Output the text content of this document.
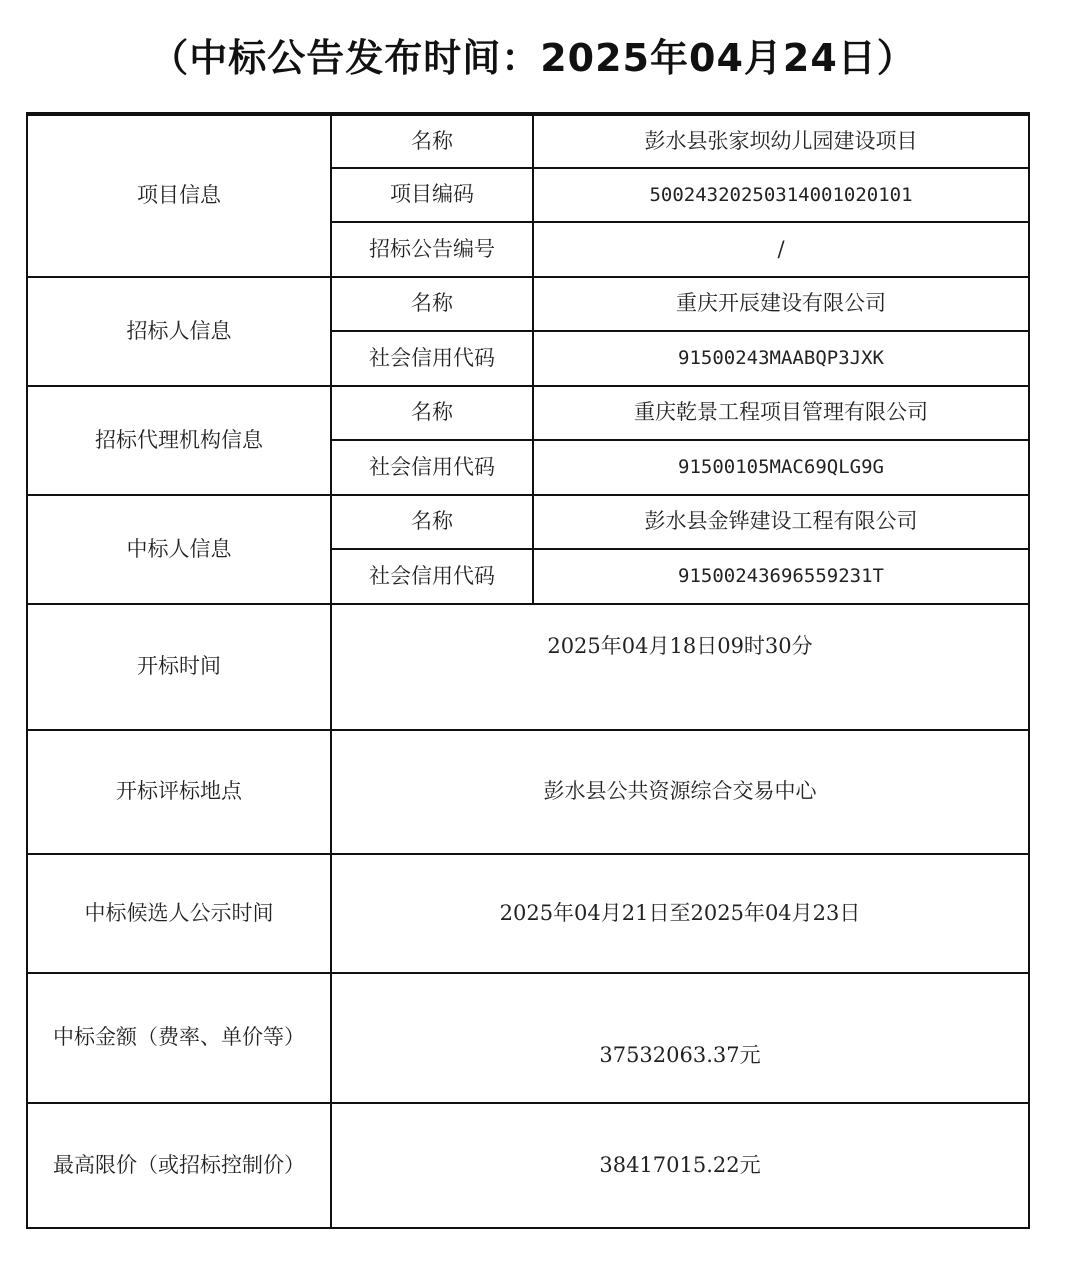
（中标公告发布时间：2025年04月24日）
项目信息	名称	彭水县张家坝幼儿园建设项目
	项目编码	500243202503140010201​01
	招标公告编号	/
招标人信息	名称	重庆开辰建设有限公司
	社会信用代码	91500243MAABQP3JXK
招标代理机构信息	名称	重庆乾景工程项目管理有限公司
	社会信用代码	91500105MAC69QLG9G
中标人信息	名称	彭水县金铧建设工程有限公司
	社会信用代码	915002436965592​31T
开标时间	2025年04月18日09时30分	
开标评标地点	彭水县公共资源综合交易中心	
中标候选人公示时间	2025年04月21日至2025年04月23日	
中标金额（费率、单价等）	37532063.37元	
最高限价（或招标控制价）	38417015.22元	
